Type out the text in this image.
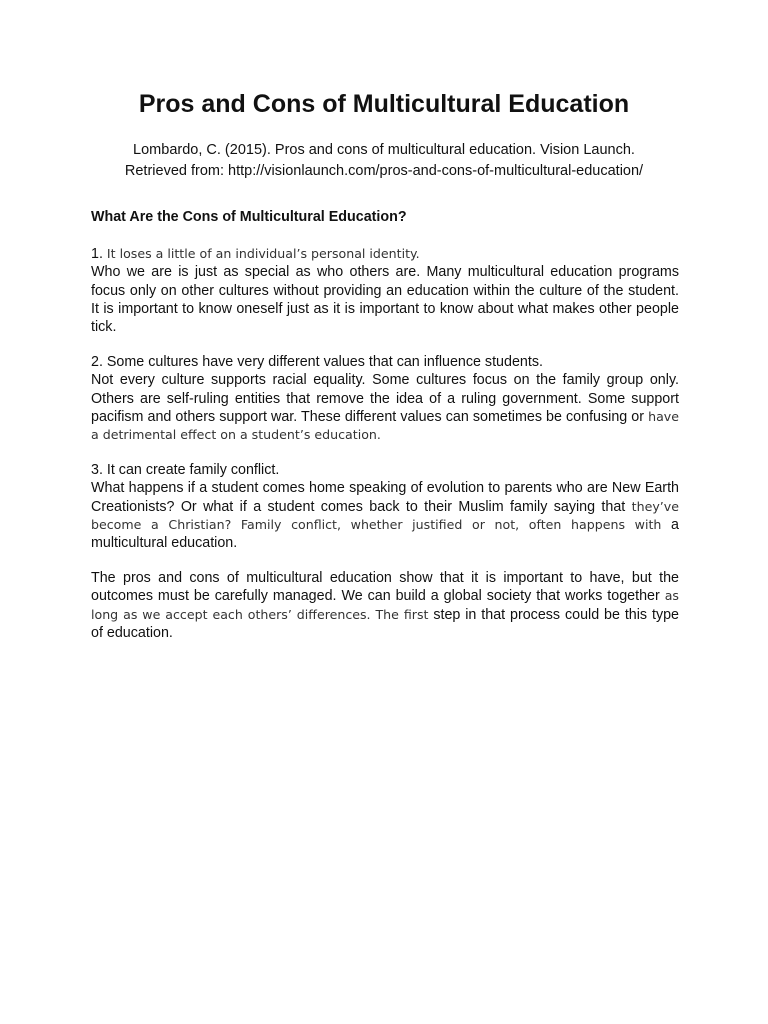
Pros and Cons of Multicultural Education
Lombardo, C. (2015). Pros and cons of multicultural education. Vision Launch.
Retrieved from: http://visionlaunch.com/pros-and-cons-of-multicultural-education/

What Are the Cons of Multicultural Education?

1. It loses a little of an individual’s personal identity.

Who we are is just as special as who others are. Many multicultural education programs focus only on other cultures without providing an education within the culture of the student. It is important to know oneself just as it is important to know about what makes other people tick.

2. Some cultures have very different values that can influence students.

Not every culture supports racial equality. Some cultures focus on the family group only. Others are self-ruling entities that remove the idea of a ruling government. Some support pacifism and others support war. These different values can sometimes be confusing or have a detrimental effect on a student’s education.

3. It can create family conflict.

What happens if a student comes home speaking of evolution to parents who are New Earth Creationists? Or what if a student comes back to their Muslim family saying that they’ve become a Christian? Family conflict, whether justified or not, often happens with a multicultural education.

The pros and cons of multicultural education show that it is important to have, but the outcomes must be carefully managed. We can build a global society that works together as long as we accept each others’ differences. The first step in that process could be this type of education.
